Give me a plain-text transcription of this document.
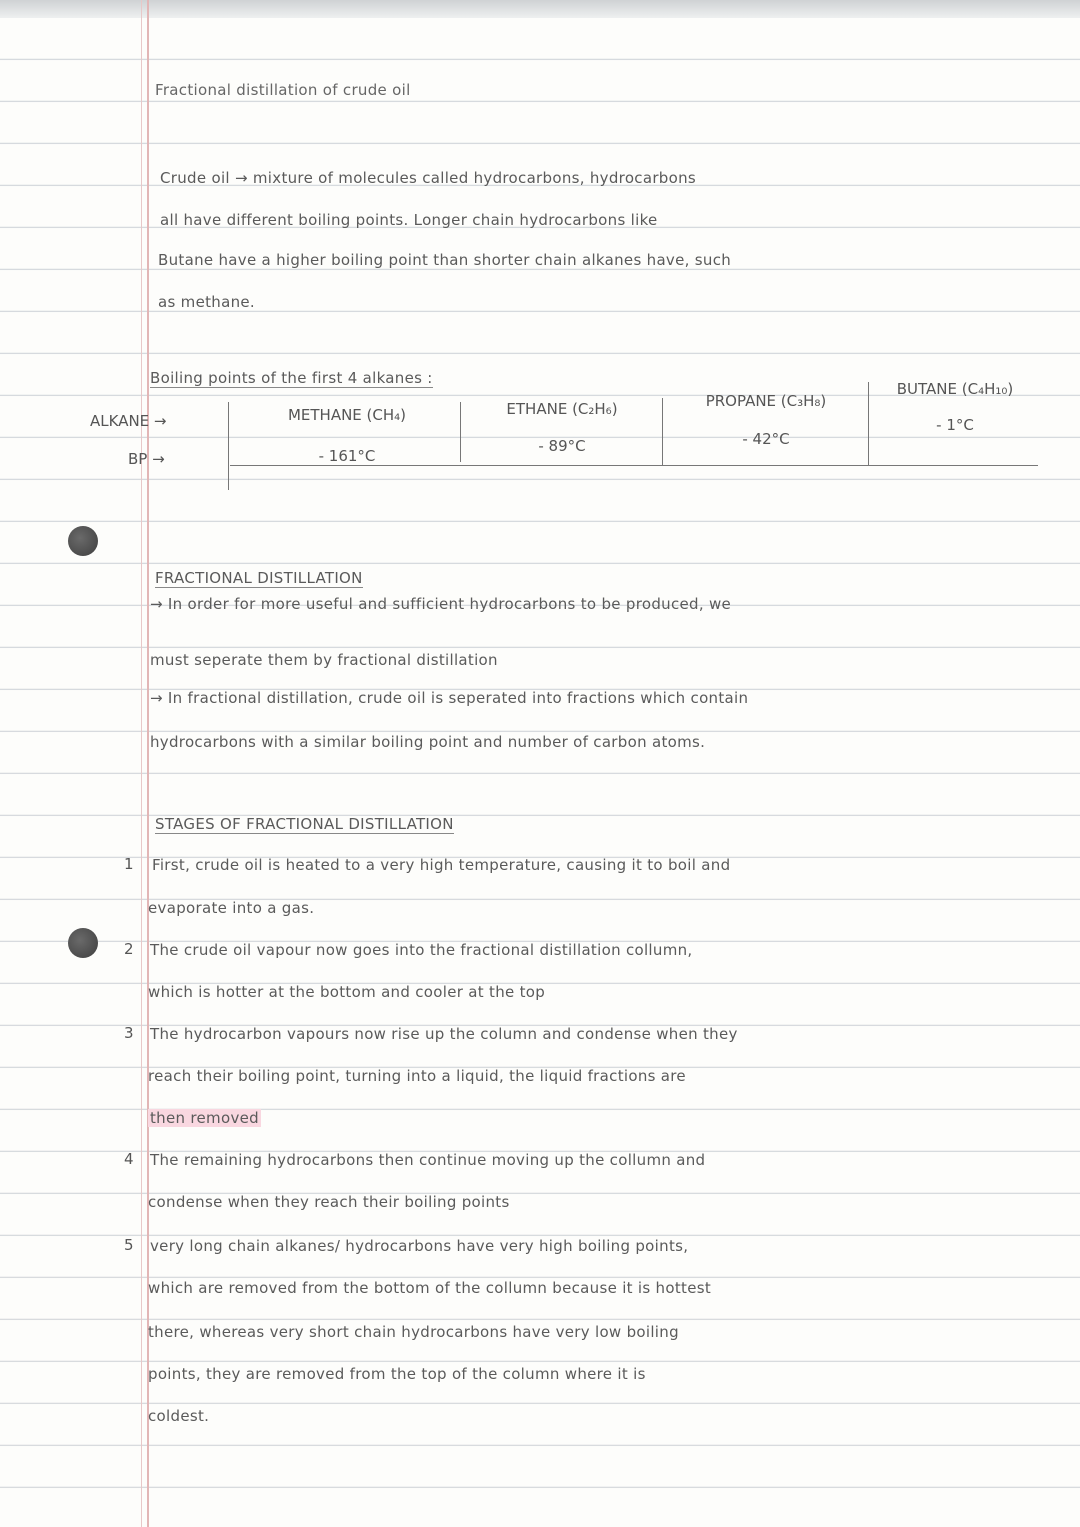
Fractional distillation of crude oil
Crude oil → mixture of molecules called hydrocarbons, hydrocarbons
all have different boiling points. Longer chain hydrocarbons like
Butane have a higher boiling point than shorter chain alkanes have, such
as methane.
Boiling points of the first 4 alkanes :
ALKANE →
BP →
METHANE (CH₄)
- 161°C
ETHANE (C₂H₆)
- 89°C
PROPANE (C₃H₈)
- 42°C
BUTANE (C₄H₁₀)
- 1°C
FRACTIONAL DISTILLATION
→ In order for more useful and sufficient hydrocarbons to be produced, we
must seperate them by fractional distillation
→ In fractional distillation, crude oil is seperated into fractions which contain
hydrocarbons with a similar boiling point and number of carbon atoms.
STAGES OF FRACTIONAL DISTILLATION
1 First, crude oil is heated to a very high temperature, causing it to boil and
evaporate into a gas.
2 The crude oil vapour now goes into the fractional distillation collumn,
which is hotter at the bottom and cooler at the top
3 The hydrocarbon vapours now rise up the column and condense when they
reach their boiling point, turning into a liquid, the liquid fractions are
then removed
4 The remaining hydrocarbons then continue moving up the collumn and
condense when they reach their boiling points
5 very long chain alkanes/ hydrocarbons have very high boiling points,
which are removed from the bottom of the collumn because it is hottest
there, whereas very short chain hydrocarbons have very low boiling
points, they are removed from the top of the column where it is
coldest.
